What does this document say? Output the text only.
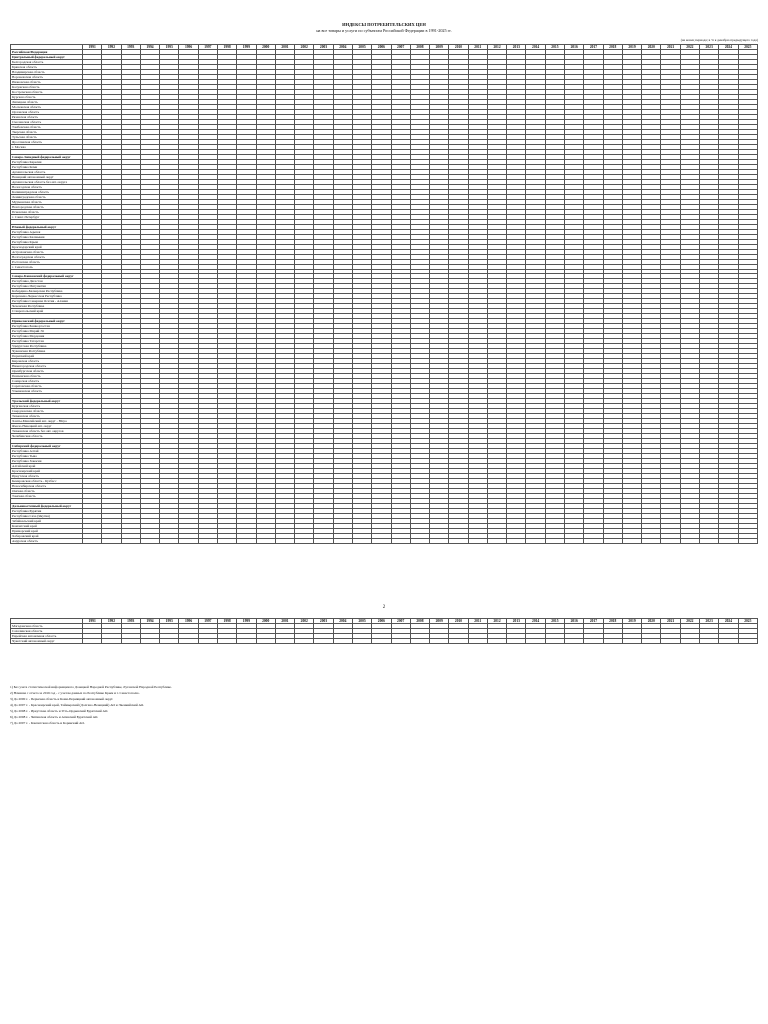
ИНДЕКСЫ ПОТРЕБИТЕЛЬСКИХ ЦЕН
на все товары и услуги по субъектам Российской Федерации в 1991-2025 гг.
(на конец периода; в % к декабрю предыдущего года)
	1991	1992	1993	1994	1995	1996	1997	1998	1999	2000	2001	2002	2003	2004	2005	2006	2007	2008	2009	2010	2011	2012	2013	2014	2015	2016	2017	2018	2019	2020	2021	2022	2023	2024	2025
Российская Федерация																																			
Центральный федеральный округ																																			
Белгородская область																																			
Брянская область																																			
Владимирская область																																			
Воронежская область																																			
Ивановская область																																			
Калужская область																																			
Костромская область																																			
Курская область																																			
Липецкая область																																			
Московская область																																			
Орловская область																																			
Рязанская область																																			
Смоленская область																																			
Тамбовская область																																			
Тверская область																																			
Тульская область																																			
Ярославская область																																			
г. Москва																																			

Северо-Западный федеральный округ																																			
Республика Карелия																																			
Республика Коми																																			
Архангельская область																																			
Ненецкий автономный округ																																			
Архангельская область без авт. округа																																			
Вологодская область																																			
Калининградская область																																			
Ленинградская область																																			
Мурманская область																																			
Новгородская область																																			
Псковская область																																			
г. Санкт-Петербург																																			

Южный федеральный округ																																			
Республика Адыгея																																			
Республика Калмыкия																																			
Республика Крым																																			
Краснодарский край																																			
Астраханская область																																			
Волгоградская область																																			
Ростовская область																																			
г. Севастополь																																			

Северо-Кавказский федеральный округ																																			
Республика Дагестан																																			
Республика Ингушетия																																			
Кабардино-Балкарская Республика																																			
Карачаево-Черкесская Республика																																			
Республика Северная Осетия - Алания																																			
Чеченская Республика																																			
Ставропольский край																																			

Приволжский федеральный округ																																			
Республика Башкортостан																																			
Республика Марий Эл																																			
Республика Мордовия																																			
Республика Татарстан																																			
Удмуртская Республика																																			
Чувашская Республика																																			
Пермский край																																			
Кировская область																																			
Нижегородская область																																			
Оренбургская область																																			
Пензенская область																																			
Самарская область																																			
Саратовская область																																			
Ульяновская область																																			

Уральский федеральный округ																																			
Курганская область																																			
Свердловская область																																			
Тюменская область																																			
Ханты-Мансийский авт. округ - Югра																																			
Ямало-Ненецкий авт. округ																																			
Тюменская область без авт. округов																																			
Челябинская область																																			

Сибирский федеральный округ																																			
Республика Алтай																																			
Республика Тыва																																			
Республика Хакасия																																			
Алтайский край																																			
Красноярский край																																			
Иркутская область																																			
Кемеровская область - Кузбасс																																			
Новосибирская область																																			
Омская область																																			
Томская область																																			

Дальневосточный федеральный округ																																			
Республика Бурятия																																			
Республика Саха (Якутия)																																			
Забайкальский край																																			
Камчатский край																																			
Приморский край																																			
Хабаровский край																																			
Амурская область																																			
2
	1991	1992	1993	1994	1995	1996	1997	1998	1999	2000	2001	2002	2003	2004	2005	2006	2007	2008	2009	2010	2011	2012	2013	2014	2015	2016	2017	2018	2019	2020	2021	2022	2023	2024	2025
Магаданская область																																			
Сахалинская область																																			
Еврейская автономная область																																			
Чукотский автономный округ																																			
1) Без учета статистической информации по Донецкой Народной Республике, Луганской Народной Республике.
2) Начиная с отчета за 2016 год - с учетом данных по Республике Крым и г. Севастополю.
3) До 2000 г. - Пермская область и Коми-Пермяцкий автономный округ.
4) До 2007 г. - Красноярский край, Таймырский (Долгано-Ненецкий) АО и Эвенкийский АО.
5) До 2008 г. - Иркутская область и Усть-Ордынский Бурятский АО.
6) До 2008 г. - Читинская область и Агинский Бурятский АО.
7) До 2007 г. - Камчатская область и Корякский АО.
